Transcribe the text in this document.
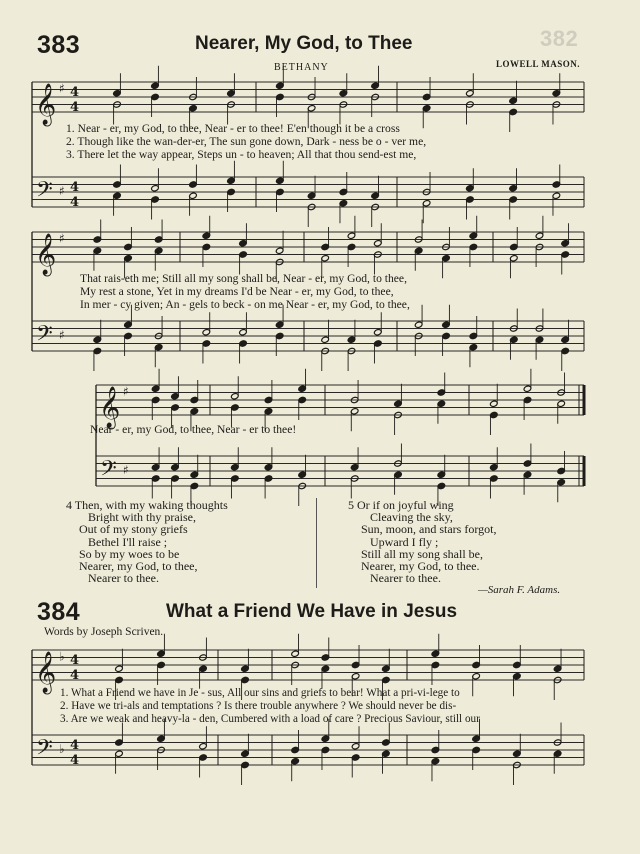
382
383	Nearer, My God, to Thee
BETHANY	LOWELL MASON.
𝄞
𝄢
♯
♯
4
4
4
4
𝄞
𝄢
♯
♯
𝄞
𝄢
♯
♯
𝄞
𝄢
♭
♭
4
4
4
4
1. Near - er, my God, to thee, Near - er to thee! E'en though it be a cross
2. Though like the wan-der-er, The sun gone down, Dark - ness be o - ver me,
3. There let the way appear, Steps un - to heaven; All that thou send-est me,
That rais-eth me; Still all my song shall be, Near - er, my God, to thee,
My rest a stone, Yet in my dreams I'd be Near - er, my God, to thee,
In mer - cy given; An - gels to beck - on me Near - er, my God, to thee,
Near - er, my God, to thee, Near - er to thee!
4 Then, with my waking thoughts
Bright with thy praise,
Out of my stony griefs
Bethel I'll raise ;
So by my woes to be
Nearer, my God, to thee,
Nearer to thee.
5 Or if on joyful wing
Cleaving the sky,
Sun, moon, and stars forgot,
Upward I fly ;
Still all my song shall be,
Nearer, my God, to thee.
Nearer to thee.
—Sarah F. Adams.
384	What a Friend We Have in Jesus
Words by Joseph Scriven.
1. What a Friend we have in Je - sus, All our sins and griefs to bear! What a pri-vi-lege to
2. Have we tri-als and temptations ? Is there trouble anywhere ? We should never be dis-
3. Are we weak and heavy-la - den, Cumbered with a load of care ? Precious Saviour, still our
